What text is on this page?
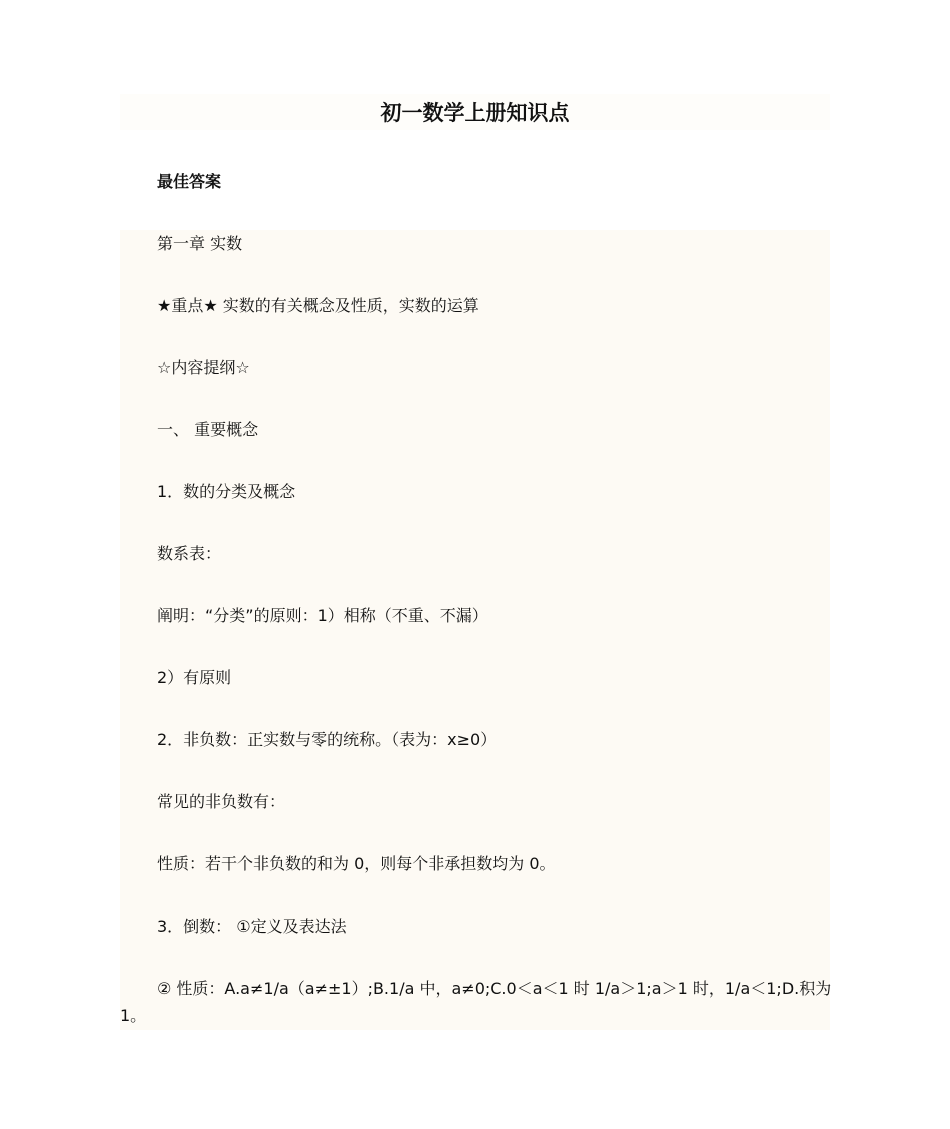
初一数学上册知识点
最佳答案
第一章 实数
★重点★ 实数的有关概念及性质，实数的运算
☆内容提纲☆
一、 重要概念
1．数的分类及概念
数系表：
阐明：“分类”的原则：1）相称（不重、不漏）
2）有原则
2．非负数：正实数与零的统称。（表为：x≥0）
常见的非负数有：
性质：若干个非负数的和为 0，则每个非承担数均为 0。
3．倒数： ①定义及表达法
② 性质：A.a≠1/a（a≠±1）;B.1/a 中，a≠0;C.0＜a＜1 时 1/a＞1;a＞1 时，1/a＜1;D.积为 1。
